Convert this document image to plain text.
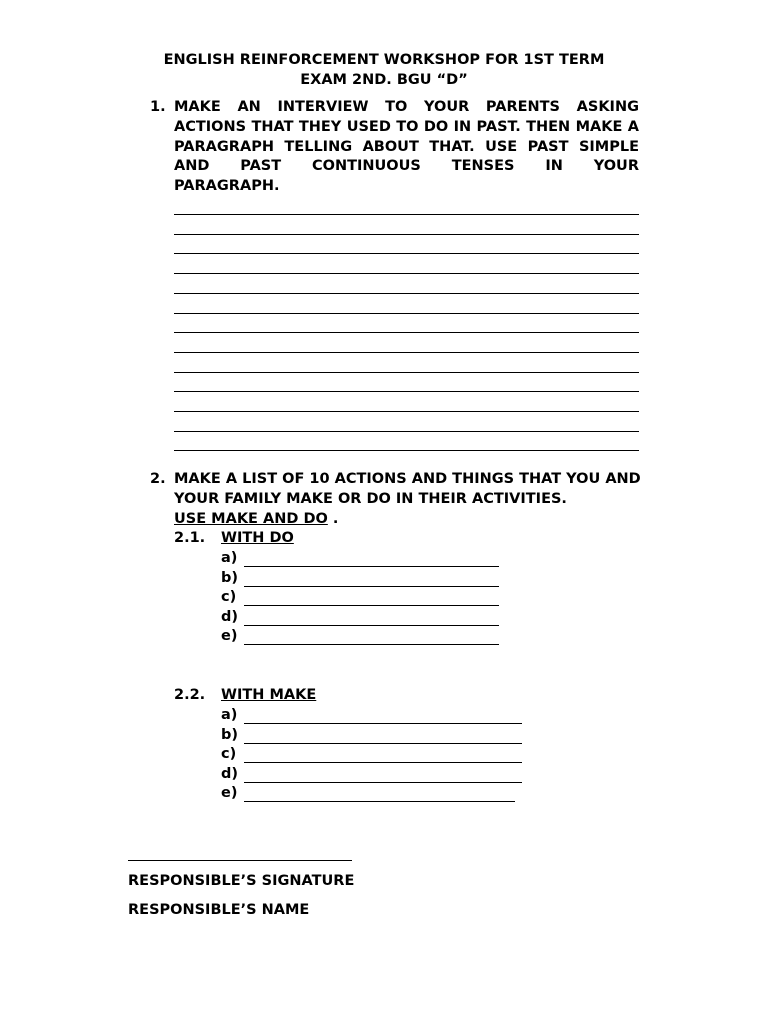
ENGLISH REINFORCEMENT WORKSHOP FOR 1ST TERM
EXAM 2ND. BGU “D”
1. MAKE AN INTERVIEW TO YOUR PARENTS ASKING ACTIONS THAT THEY USED TO DO IN PAST. THEN MAKE A PARAGRAPH TELLING ABOUT THAT. USE PAST SIMPLE AND PAST CONTINUOUS TENSES IN YOUR
PARAGRAPH.
2. MAKE A LIST OF 10 ACTIONS AND THINGS THAT YOU AND YOUR FAMILY MAKE OR DO IN THEIR ACTIVITIES.
USE MAKE AND DO .
2.1. WITH DO
a)
b)
c)
d)
e)
2.2. WITH MAKE
a)
b)
c)
d)
e)
RESPONSIBLE’S SIGNATURE
RESPONSIBLE’S NAME
